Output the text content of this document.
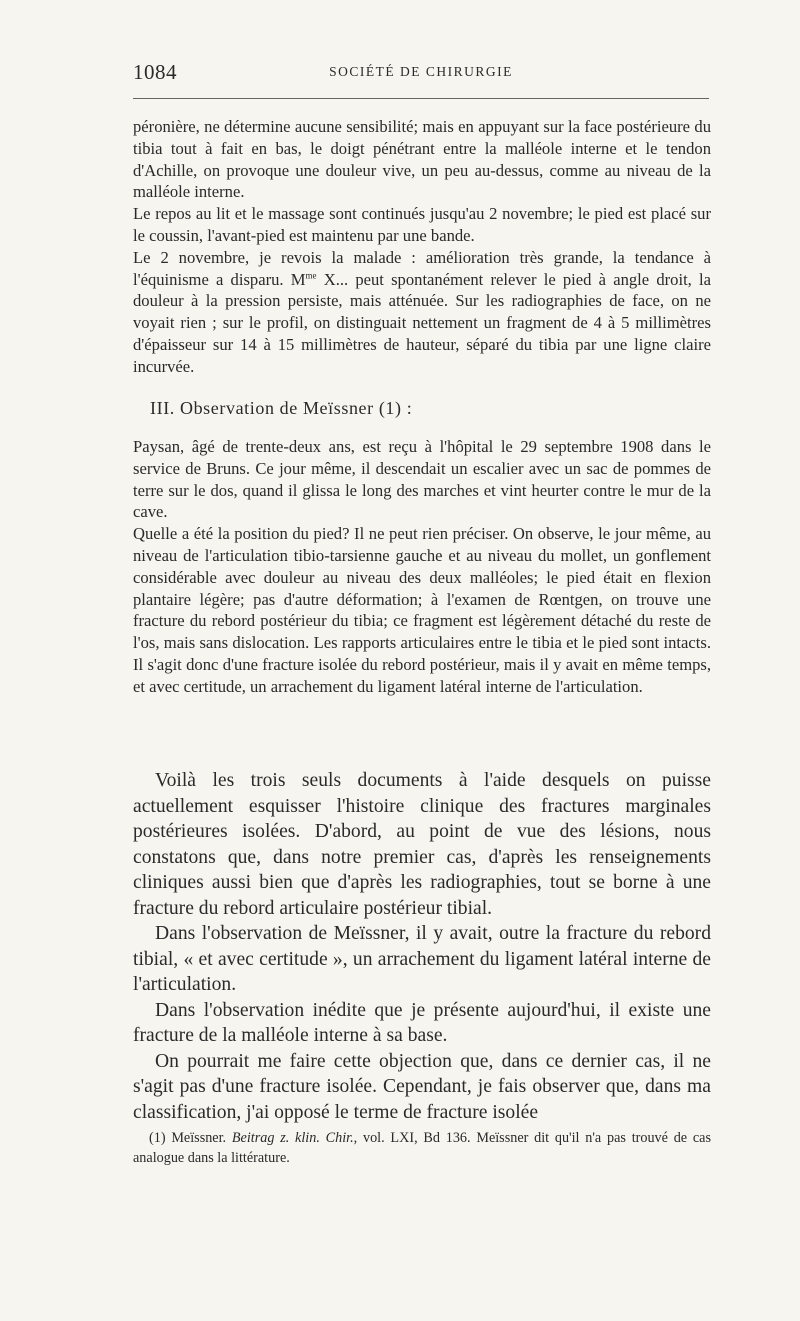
1084	SOCIÉTÉ DE CHIRURGIE

péronière, ne détermine aucune sensibilité; mais en appuyant sur la face postérieure du tibia tout à fait en bas, le doigt pénétrant entre la malléole interne et le tendon d'Achille, on provoque une douleur vive, un peu au-dessus, comme au niveau de la malléole interne.

Le repos au lit et le massage sont continués jusqu'au 2 novembre; le pied est placé sur le coussin, l'avant-pied est maintenu par une bande.

Le 2 novembre, je revois la malade : amélioration très grande, la tendance à l'équinisme a disparu. $M^{me}$ X... peut spontanément relever le pied à angle droit, la douleur à la pression persiste, mais atténuée. Sur les radiographies de face, on ne voyait rien ; sur le profil, on distinguait nettement un fragment de 4 à 5 millimètres d'épaisseur sur 14 à 15 millimètres de hauteur, séparé du tibia par une ligne claire incurvée.

III. Observation de Meïssner (1) :

Paysan, âgé de trente-deux ans, est reçu à l'hôpital le 29 septembre 1908 dans le service de Bruns. Ce jour même, il descendait un escalier avec un sac de pommes de terre sur le dos, quand il glissa le long des marches et vint heurter contre le mur de la cave.

Quelle a été la position du pied? Il ne peut rien préciser. On observe, le jour même, au niveau de l'articulation tibio-tarsienne gauche et au niveau du mollet, un gonflement considérable avec douleur au niveau des deux malléoles; le pied était en flexion plantaire légère; pas d'autre déformation; à l'examen de Rœntgen, on trouve une fracture du rebord postérieur du tibia; ce fragment est légèrement détaché du reste de l'os, mais sans dislocation. Les rapports articulaires entre le tibia et le pied sont intacts. Il s'agit donc d'une fracture isolée du rebord postérieur, mais il y avait en même temps, et avec certitude, un arrachement du ligament latéral interne de l'articulation.

Voilà les trois seuls documents à l'aide desquels on puisse actuellement esquisser l'histoire clinique des fractures marginales postérieures isolées. D'abord, au point de vue des lésions, nous constatons que, dans notre premier cas, d'après les renseignements cliniques aussi bien que d'après les radiographies, tout se borne à une fracture du rebord articulaire postérieur tibial.

Dans l'observation de Meïssner, il y avait, outre la fracture du rebord tibial, « et avec certitude », un arrachement du ligament latéral interne de l'articulation.

Dans l'observation inédite que je présente aujourd'hui, il existe une fracture de la malléole interne à sa base.

On pourrait me faire cette objection que, dans ce dernier cas, il ne s'agit pas d'une fracture isolée. Cependant, je fais observer que, dans ma classification, j'ai opposé le terme de fracture isolée

(1) Meïssner. Beitrag z. klin. Chir., vol. LXI, Bd 136. Meïssner dit qu'il n'a pas trouvé de cas analogue dans la littérature.
